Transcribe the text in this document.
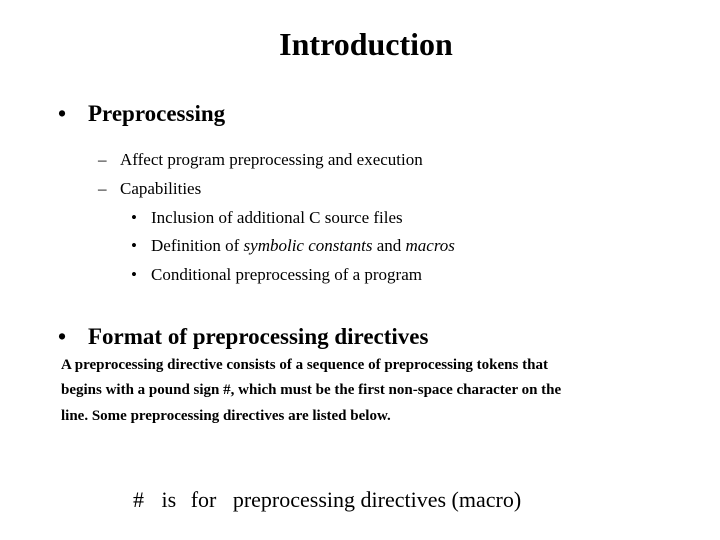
Introduction
• Preprocessing
– Affect program preprocessing and execution
– Capabilities
• Inclusion of additional C source files
• Definition of symbolic constants and macros
• Conditional preprocessing of a program
• Format of preprocessing directives
A preprocessing directive consists of a sequence of preprocessing tokens that
begins with a pound sign #, which must be the first non-space character on the
line. Some preprocessing directives are listed below.
# is for preprocessing directives (macro)
